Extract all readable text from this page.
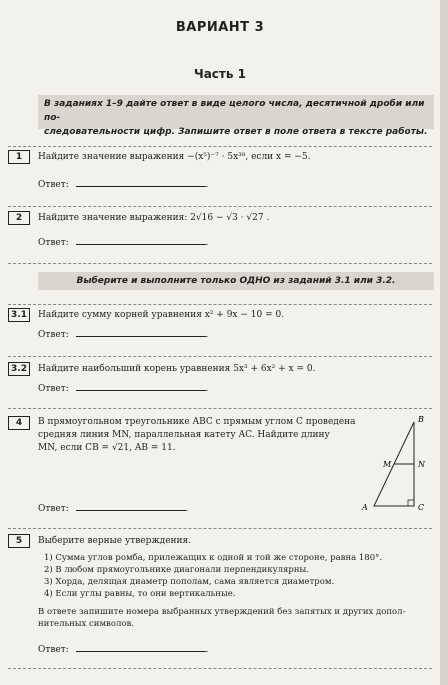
ВАРИАНТ 3
Часть 1
В заданиях 1–9 дайте ответ в виде целого числа, десятичной дроби или по-
следовательности цифр. Запишите ответ в поле ответа в тексте работы.
1	Найдите значение выражения −(x⁵)⁻⁷ · 5x³⁸, если x = −5.
Ответ:	.
2	Найдите значение выражения: 2√16 − √3 · √27 .
Ответ:	.
Выберите и выполните только ОДНО из заданий 3.1 или 3.2.
3.1	Найдите сумму корней уравнения x² + 9x − 10 = 0.
Ответ:	.
3.2	Найдите наибольший корень уравнения 5x³ + 6x² + x = 0.
Ответ:	.
4	В прямоугольном треугольнике ABC с прямым углом C проведена
средняя линия MN, параллельная катету AC. Найдите длину
MN, если CB = √21, AB = 11.
A
B
C
M	N
Ответ:	.
5	Выберите верные утверждения.
1) Сумма углов ромба, прилежащих к одной и той же стороне, равна 180°.
2) В любом прямоугольнике диагонали перпендикулярны.
3) Хорда, делящая диаметр пополам, сама является диаметром.
4) Если углы равны, то они вертикальные.
В ответе запишите номера выбранных утверждений без запятых и других допол-
нительных символов.
Ответ:	.
